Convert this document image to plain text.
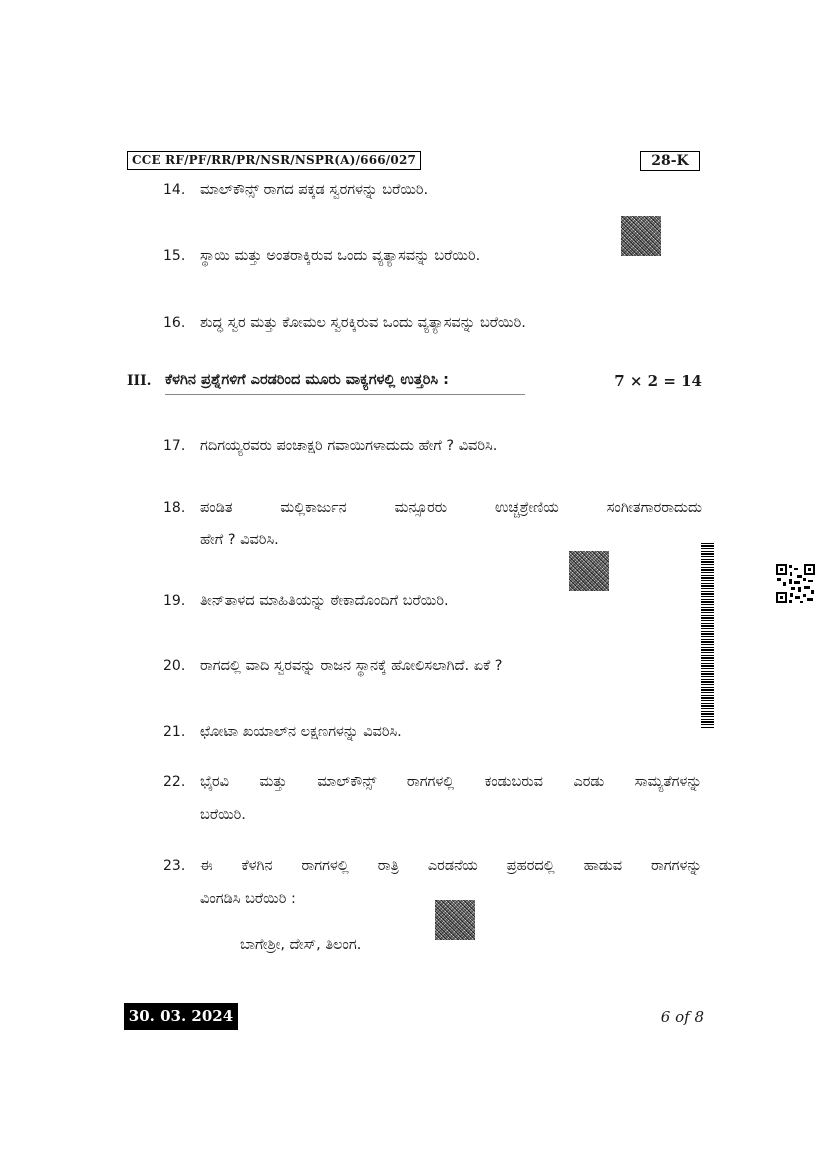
CCE RF/PF/RR/PR/NSR/NSPR(A)/666/027	28-K
14.	ಮಾಲ್‌ಕೌನ್ಸ್ ರಾಗದ ಪಕ್ಕಡ ಸ್ವರಗಳನ್ನು ಬರೆಯಿರಿ.
15.	ಸ್ಥಾಯಿ ಮತ್ತು ಅಂತರಾಕ್ಕಿರುವ ಒಂದು ವ್ಯತ್ಯಾಸವನ್ನು ಬರೆಯಿರಿ.
16.	ಶುದ್ಧ ಸ್ವರ ಮತ್ತು ಕೋಮಲ ಸ್ವರಕ್ಕಿರುವ ಒಂದು ವ್ಯತ್ಯಾಸವನ್ನು ಬರೆಯಿರಿ.
III. ಕೆಳಗಿನ ಪ್ರಶ್ನೆಗಳಿಗೆ ಎರಡರಿಂದ ಮೂರು ವಾಕ್ಯಗಳಲ್ಲಿ ಉತ್ತರಿಸಿ :	7 × 2 = 14
17.	ಗದಿಗಯ್ಯರವರು ಪಂಚಾಕ್ಷರಿ ಗವಾಯಿಗಳಾದುದು ಹೇಗೆ ? ವಿವರಿಸಿ.
18.	ಪಂಡಿತ ಮಲ್ಲಿಕಾರ್ಜುನ ಮನ್ಸೂರರು ಉಚ್ಚಶ್ರೇಣಿಯ ಸಂಗೀತಗಾರರಾದುದು
ಹೇಗೆ ? ವಿವರಿಸಿ.
19.	ತೀನ್‌ತಾಳದ ಮಾಹಿತಿಯನ್ನು ಠೇಕಾದೊಂದಿಗೆ ಬರೆಯಿರಿ.
20.	ರಾಗದಲ್ಲಿ ವಾದಿ ಸ್ವರವನ್ನು ರಾಜನ ಸ್ಥಾನಕ್ಕೆ ಹೋಲಿಸಲಾಗಿದೆ. ಏಕೆ ?
21.	ಛೋಟಾ ಖಯಾಲ್‌ನ ಲಕ್ಷಣಗಳನ್ನು ವಿವರಿಸಿ.
22.	ಭೈರವಿ ಮತ್ತು ಮಾಲ್‌ಕೌನ್ಸ್ ರಾಗಗಳಲ್ಲಿ ಕಂಡುಬರುವ ಎರಡು ಸಾಮ್ಯತೆಗಳನ್ನು
ಬರೆಯಿರಿ.
23.	ಈ ಕೆಳಗಿನ ರಾಗಗಳಲ್ಲಿ ರಾತ್ರಿ ಎರಡನೆಯ ಪ್ರಹರದಲ್ಲಿ ಹಾಡುವ ರಾಗಗಳನ್ನು
ವಿಂಗಡಿಸಿ ಬರೆಯಿರಿ :
ಬಾಗೇಶ್ರೀ, ದೇಸ್, ತಿಲಂಗ.
30. 03. 2024	6 of 8
